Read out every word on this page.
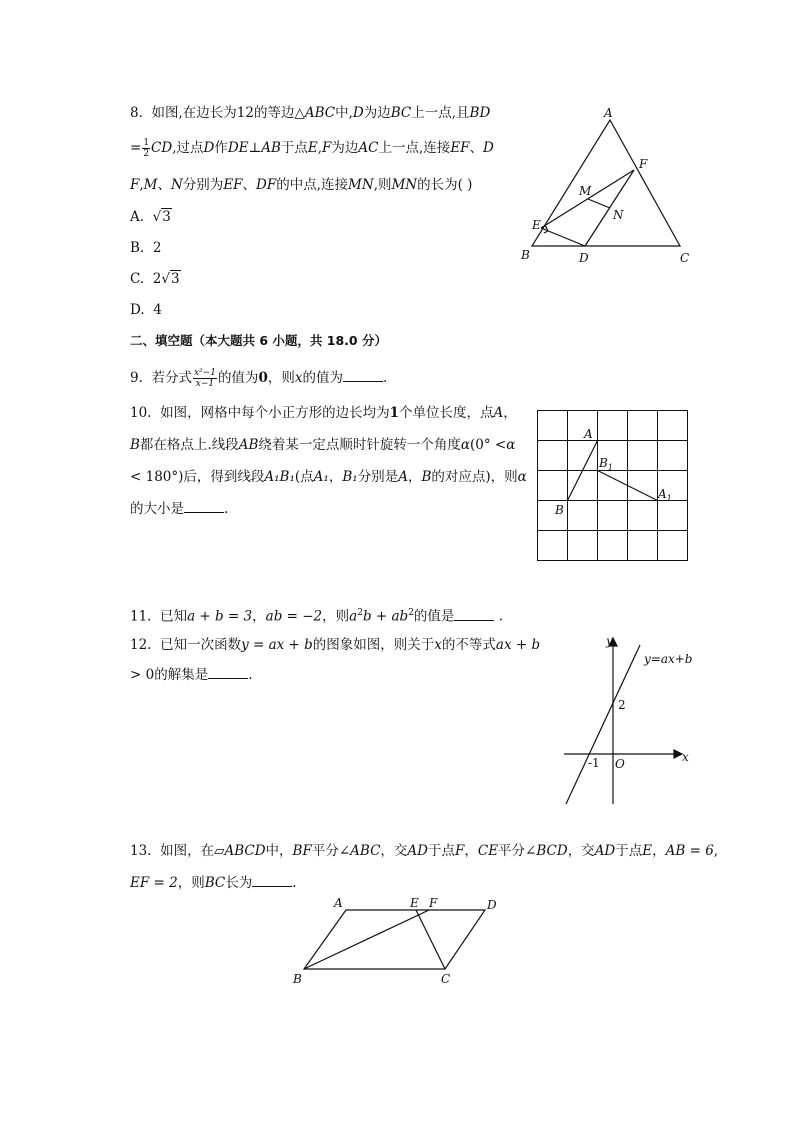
8. 如图,在边长为12的等边△ABC中,D为边BC上一点,且BD
= $\frac{1}{2}$ CD,过点D作DE⊥AB于点E,F为边AC上一点,连接EF、D
F,M、N分别为EF、DF的中点,连接MN,则MN的长为( )
A. √3
B. 2
C. 2√3
D. 4
A
B	C
D
E
F
M
N
二、填空题（本大题共 6 小题，共 18.0 分）
9. 若分式 $\frac{\text{x²−1}}{x-1}$ 的值为0，则x的值为	.
10. 如图，网格中每个小正方形的边长均为1个单位长度，点A，
B都在格点上.线段AB绕着某一定点顺时针旋转一个角度α(0° <α
< 180°)后，得到线段A₁B₁(点A₁，B₁分别是A，B的对应点)，则α
的大小是	.
A
B
$B_1$
$A_1$
11. 已知a + b = 3，ab = −2，则$a^2b + ab^2$的值是	.
12. 已知一次函数y = ax + b的图象如图，则关于x的不等式ax + b
> 0的解集是	.
y
x
O
2
-1
y=ax+b
13. 如图，在▱ABCD中，BF平分∠ABC，交AD于点F，CE平分∠BCD，交AD于点E，AB = 6,
EF = 2，则BC长为	.
A
B	C
D
E F
